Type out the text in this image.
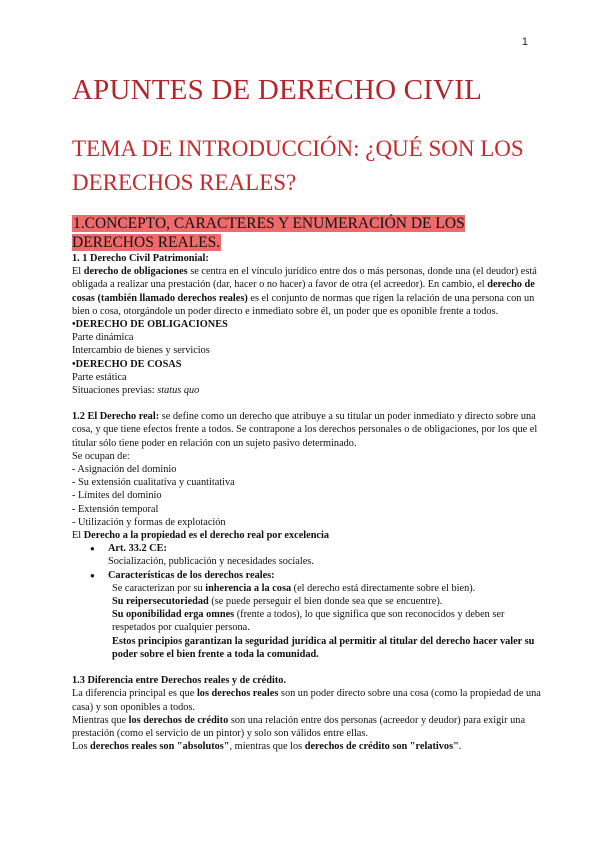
1
APUNTES DE DERECHO CIVIL
TEMA DE INTRODUCCIÓN: ¿QUÉ SON LOS DERECHOS REALES?
1.CONCEPTO, CARACTERES Y ENUMERACIÓN DE LOS DERECHOS REALES.

1. 1 Derecho Civil Patrimonial:

El derecho de obligaciones se centra en el vínculo jurídico entre dos o más personas, donde una (el deudor) está obligada a realizar una prestación (dar, hacer o no hacer) a favor de otra (el acreedor). En cambio, el derecho de cosas (también llamado derechos reales) es el conjunto de normas que rigen la relación de una persona con un bien o cosa, otorgándole un poder directo e inmediato sobre él, un poder que es oponible frente a todos.

•DERECHO DE OBLIGACIONES

Parte dinámica

Intercambio de bienes y servicios

•DERECHO DE COSAS

Parte estática

Situaciones previas: status quo

1.2 El Derecho real: se define como un derecho que atribuye a su titular un poder inmediato y directo sobre una cosa, y que tiene efectos frente a todos. Se contrapone a los derechos personales o de obligaciones, por los que el titular sólo tiene poder en relación con un sujeto pasivo determinado.

Se ocupan de:

- Asignación del dominio

- Su extensión cualitativa y cuantitativa

- Límites del dominio

- Extensión temporal

- Utilización y formas de explotación

El Derecho a la propiedad es el derecho real por excelencia

● Art. 33.2 CE:

Socialización, publicación y necesidades sociales.

● Características de los derechos reales:

Se caracterizan por su inherencia a la cosa (el derecho está directamente sobre el bien).

Su reipersecutoriedad (se puede perseguir el bien donde sea que se encuentre).

Su oponibilidad erga omnes (frente a todos), lo que significa que son reconocidos y deben ser respetados por cualquier persona.

Estos principios garantizan la seguridad jurídica al permitir al titular del derecho hacer valer su poder sobre el bien frente a toda la comunidad.

1.3 Diferencia entre Derechos reales y de crédito.

La diferencia principal es que los derechos reales son un poder directo sobre una cosa (como la propiedad de una casa) y son oponibles a todos.

Mientras que los derechos de crédito son una relación entre dos personas (acreedor y deudor) para exigir una prestación (como el servicio de un pintor) y solo son válidos entre ellas.

Los derechos reales son "absolutos", mientras que los derechos de crédito son "relativos".
